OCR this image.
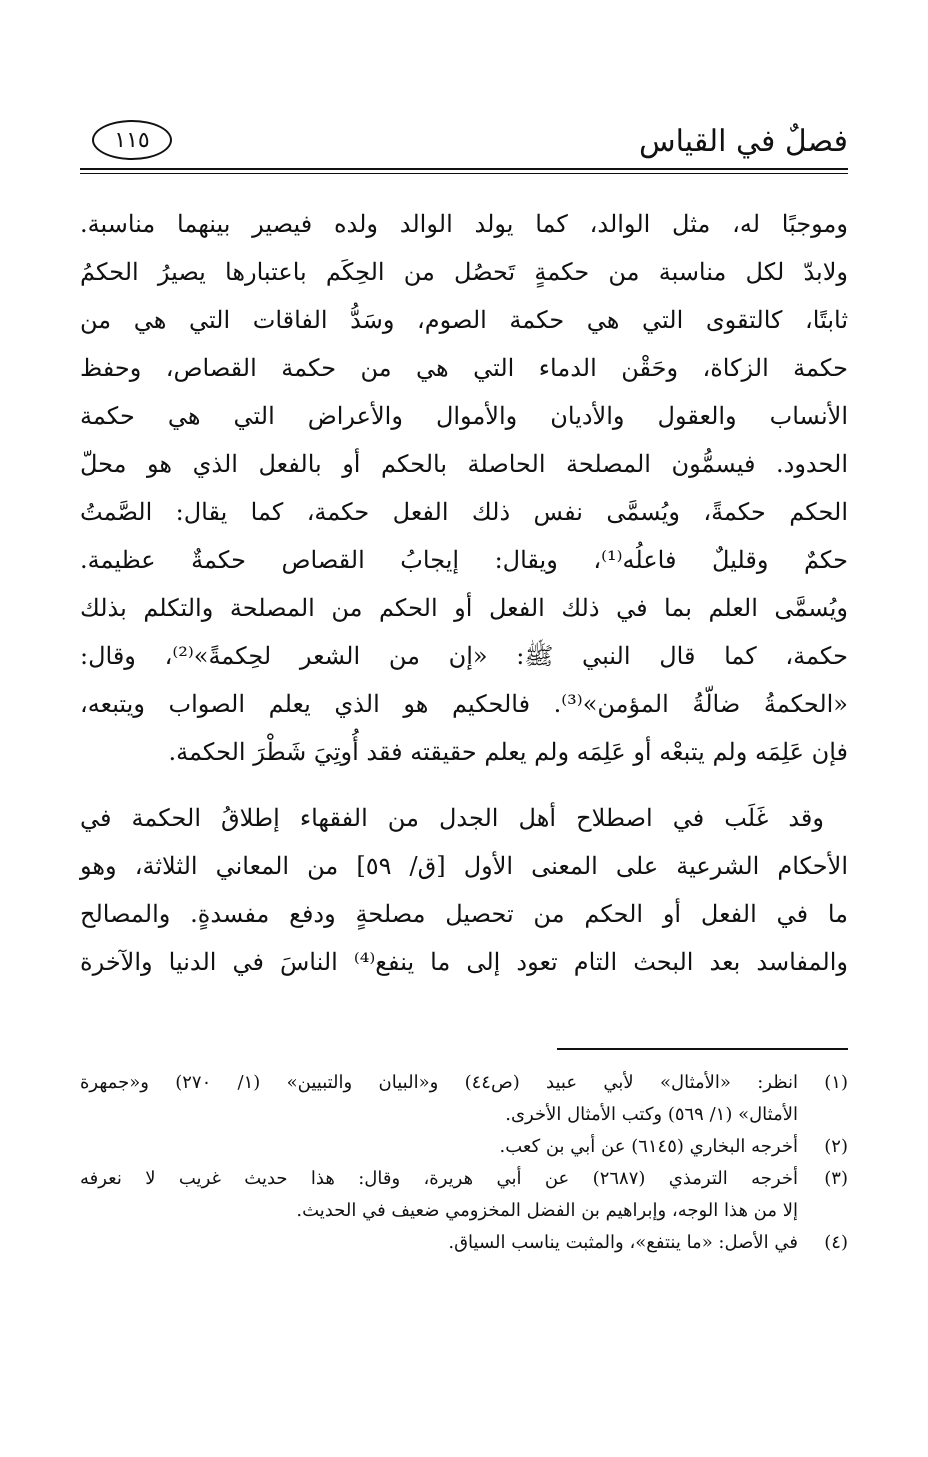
فصلٌ في القياس
١١٥
وموجبًا له، مثل الوالد، كما يولد الوالد ولده فيصير بينهما مناسبة.
ولابدّ لكل مناسبة من حكمةٍ تَحصُل من الحِكَم باعتبارها يصيرُ الحكمُ
ثابتًا، كالتقوى التي هي حكمة الصوم، وسَدُّ الفاقات التي هي من
حكمة الزكاة، وحَقْن الدماء التي هي من حكمة القصاص، وحفظ
الأنساب والعقول والأديان والأموال والأعراض التي هي حكمة
الحدود. فيسمُّون المصلحة الحاصلة بالحكم أو بالفعل الذي هو محلّ
الحكم حكمةً، ويُسمَّى نفس ذلك الفعل حكمة، كما يقال: الصَّمتُ
حكمٌ وقليلٌ فاعلُه⁽¹⁾، ويقال: إيجابُ القصاص حكمةٌ عظيمة.
ويُسمَّى العلم بما في ذلك الفعل أو الحكم من المصلحة والتكلم بذلك
حكمة، كما قال النبي ﷺ: «إن من الشعر لحِكمةً»⁽²⁾، وقال:
«الحكمةُ ضالّةُ المؤمن»⁽³⁾. فالحكيم هو الذي يعلم الصواب ويتبعه،
فإن عَلِمَه ولم يتبعْه أو عَلِمَه ولم يعلم حقيقته فقد أُوتِيَ شَطْرَ الحكمة.
وقد غَلَب في اصطلاح أهل الجدل من الفقهاء إطلاقُ الحكمة في
الأحكام الشرعية على المعنى الأول [ق/ ٥٩] من المعاني الثلاثة، وهو
ما في الفعل أو الحكم من تحصيل مصلحةٍ ودفع مفسدةٍ. والمصالح
والمفاسد بعد البحث التام تعود إلى ما ينفع⁽⁴⁾ الناسَ في الدنيا والآخرة
(١)
انظر: «الأمثال» لأبي عبيد (ص٤٤) و«البيان والتبيين» (١/ ٢٧٠) و«جمهرة
الأمثال» (١/ ٥٦٩) وكتب الأمثال الأخرى.
(٢)
أخرجه البخاري (٦١٤٥) عن أبي بن كعب.
(٣)
أخرجه الترمذي (٢٦٨٧) عن أبي هريرة، وقال: هذا حديث غريب لا نعرفه
إلا من هذا الوجه، وإبراهيم بن الفضل المخزومي ضعيف في الحديث.
(٤)
في الأصل: «ما ينتفع»، والمثبت يناسب السياق.
